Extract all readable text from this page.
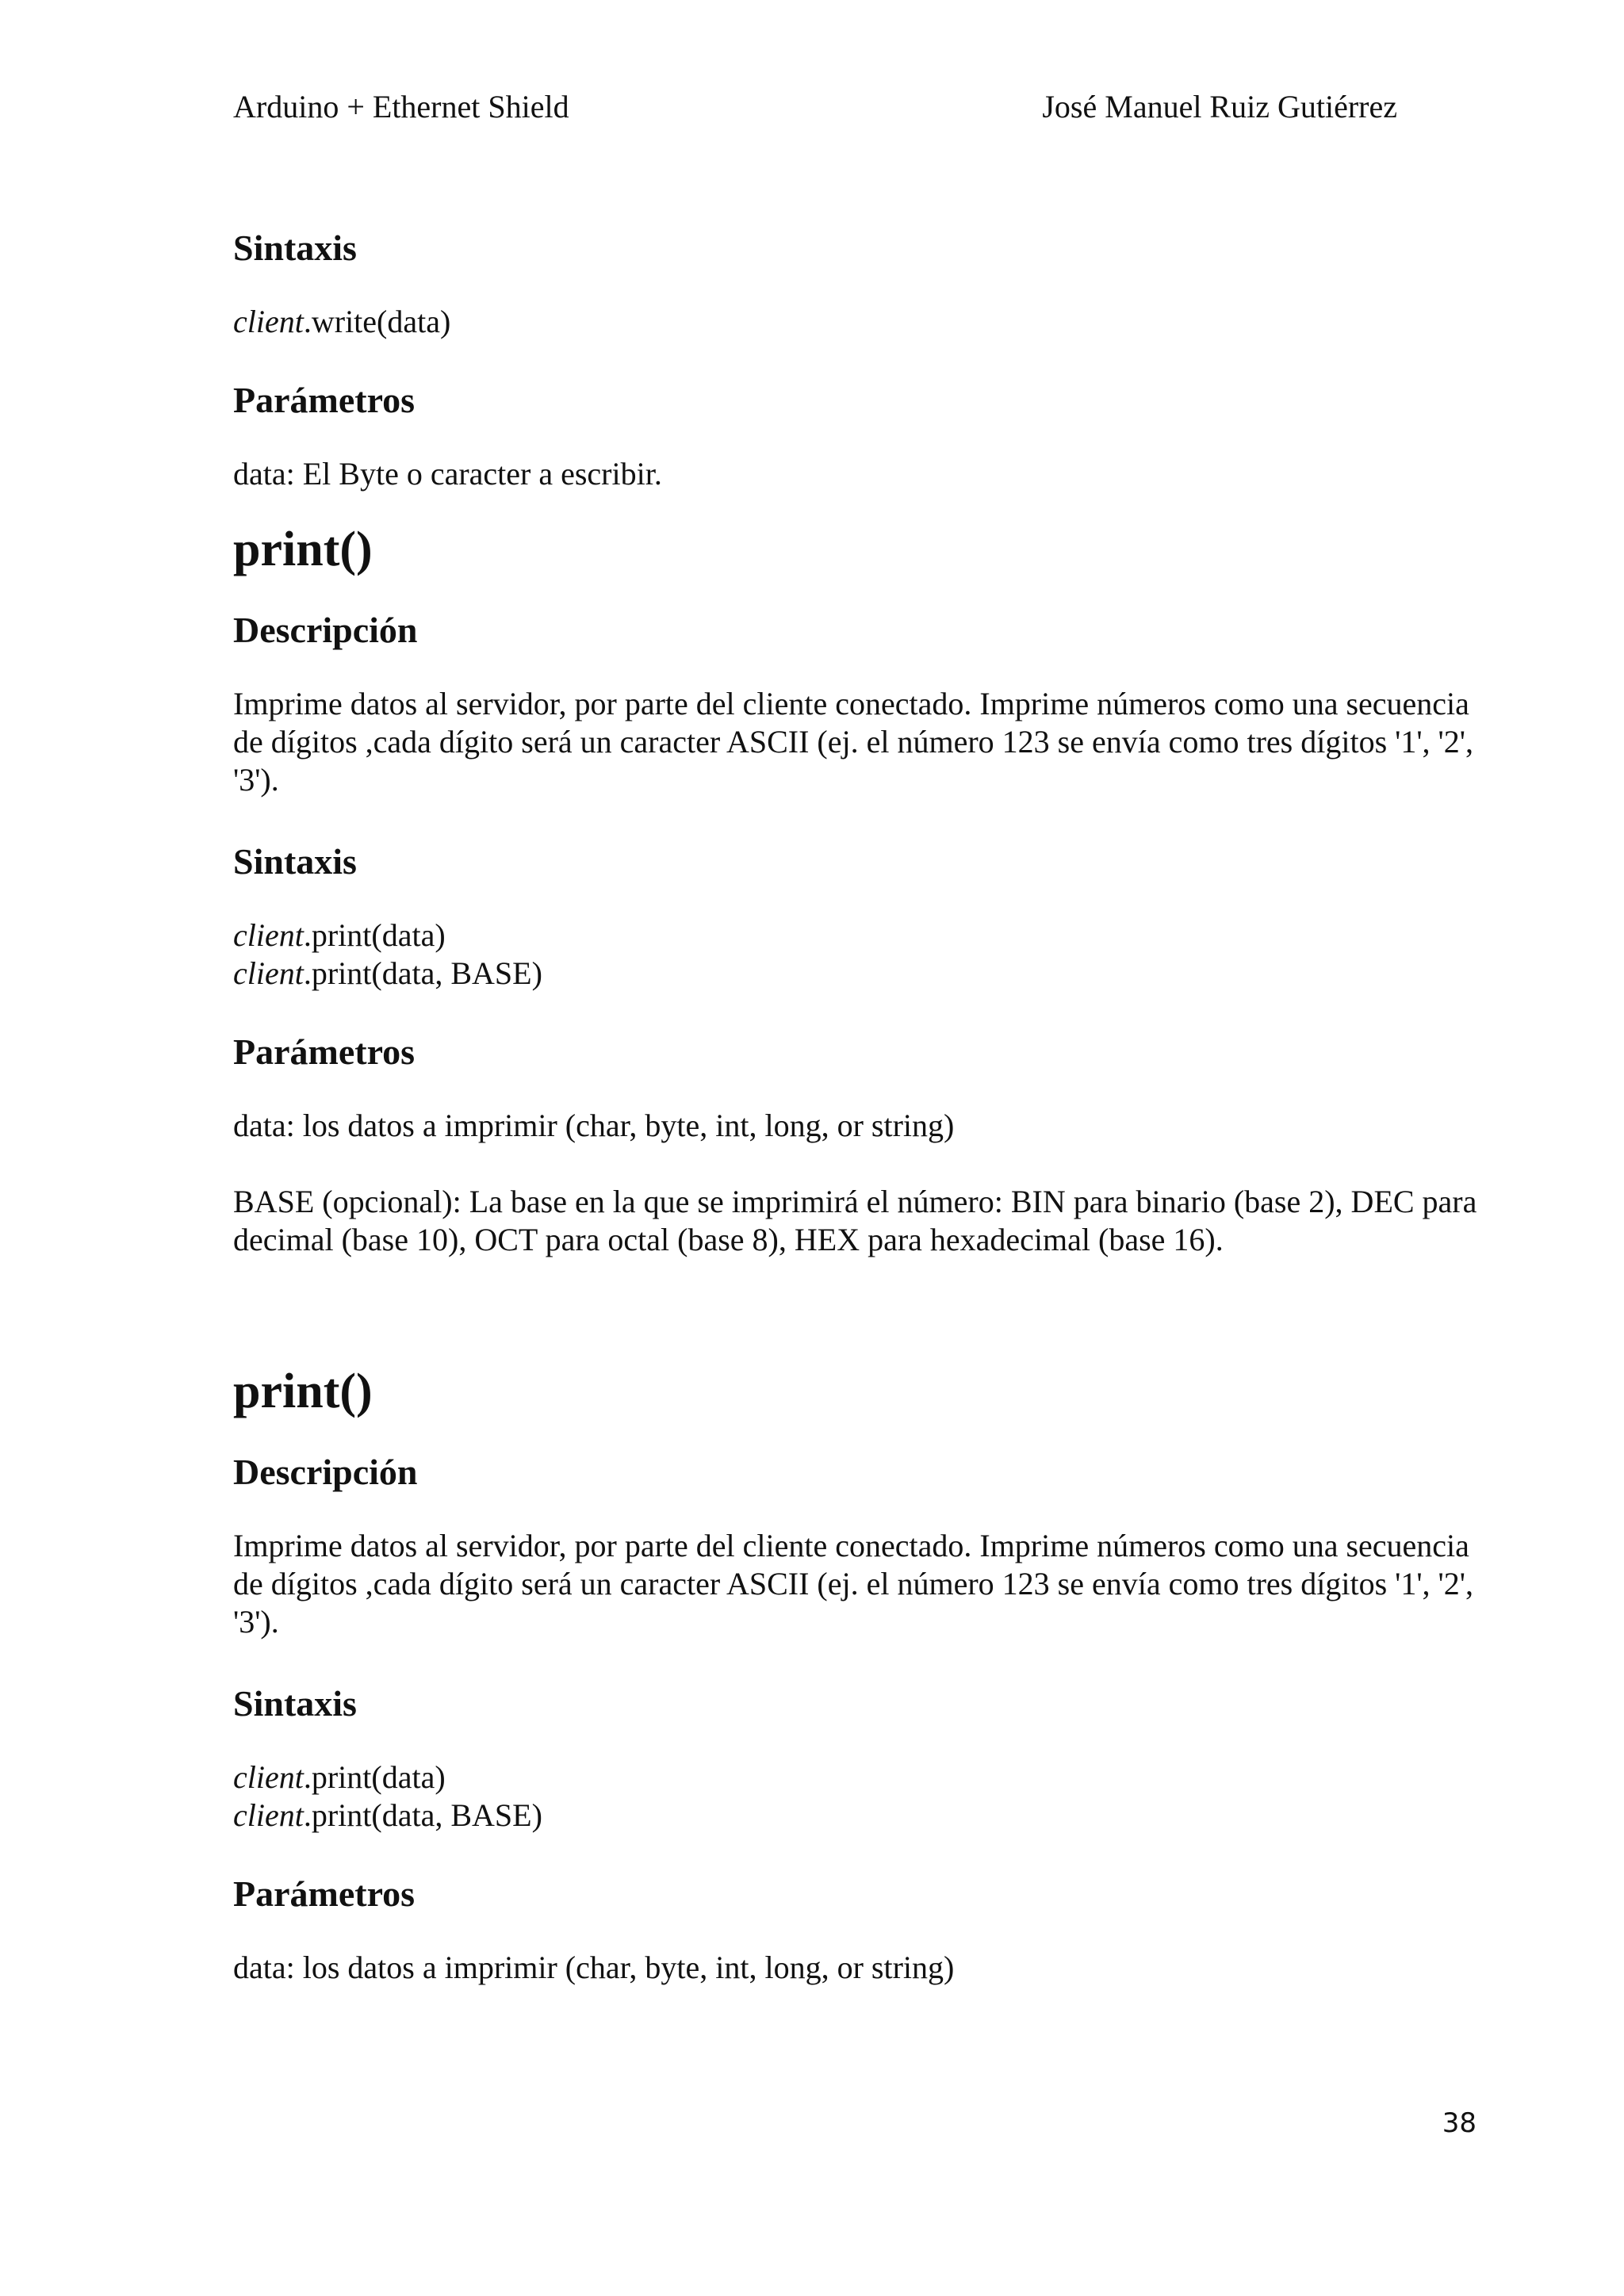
Arduino + Ethernet Shield	José Manuel Ruiz Gutiérrez
Sintaxis

client.write(data)

Parámetros

data: El Byte o caracter a escribir.

print()
Descripción

Imprime datos al servidor, por parte del cliente conectado. Imprime números como una secuencia de dígitos ,cada dígito será un caracter ASCII (ej. el número 123 se envía como tres dígitos '1', '2', '3').

Sintaxis

client.print(data)

client.print(data, BASE)

Parámetros

data: los datos a imprimir (char, byte, int, long, or string)

BASE (opcional): La base en la que se imprimirá el número: BIN para binario (base 2), DEC para decimal (base 10), OCT para octal (base 8), HEX para hexadecimal (base 16).

print()
Descripción

Imprime datos al servidor, por parte del cliente conectado. Imprime números como una secuencia de dígitos ,cada dígito será un caracter ASCII (ej. el número 123 se envía como tres dígitos '1', '2', '3').

Sintaxis

client.print(data)

client.print(data, BASE)

Parámetros

data: los datos a imprimir (char, byte, int, long, or string)

38
